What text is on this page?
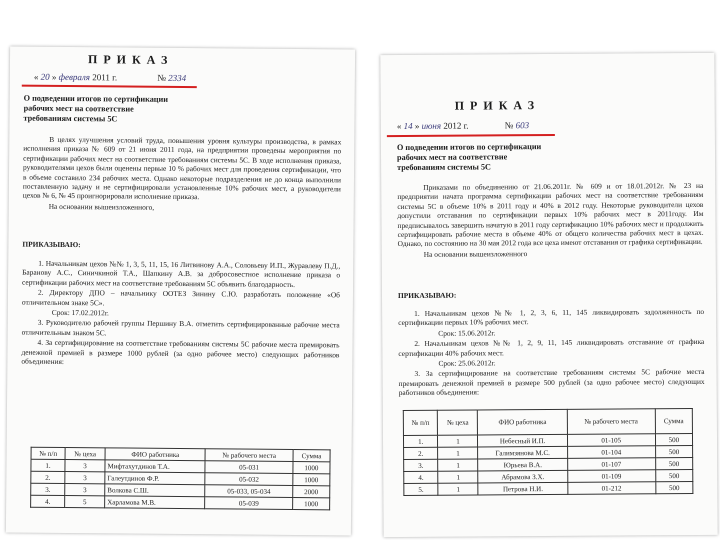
ПРИКАЗ
« 20 » февраля 2011 г.	№ 2334
О подведении итогов по сертификации рабочих мест на соответствие требованиям системы 5С

В целях улучшения условий труда, повышения уровня культуры производства, в рамках исполнения приказа № 609 от 21 июня 2011 года, на предприятии проведены мероприятия по сертификации рабочих мест на соответствие требованиям системы 5С. В ходе исполнения приказа, руководителями цехов были оценены первые 10 % рабочих мест для проведения сертификации, что в объеме составило 234 рабочих места. Однако некоторые подразделения не до конца выполнили поставленную задачу и не сертифицировали установленные 10% рабочих мест, а руководители цехов № 6, № 45 проигнорировали исполнение приказа.

На основании вышеизложенного,

ПРИКАЗЫВАЮ:

1. Начальникам цехов №№ 1, 3, 5, 11, 15, 16 Литвинову А.А., Соловьеву И.П., Журавлеву П.Д., Баранову А.С., Синичкиной Т.А., Шапкину А.В. за добросовестное исполнение приказа о сертификации рабочих мест на соответствие требованиям 5С объявить благодарность.

2. Директору ДПО – начальнику ООТЕЗ Зинину С.Ю. разработать положение «Об отличительном знаке 5С».

Срок: 17.02.2012г.

3. Руководителю рабочей группы Першину В.А. отметить сертифицированные рабочие места отличительным знаком 5С.

4. За сертифицирование на соответствие требованиям системы 5С рабочие места премировать денежной премией в размере 1000 рублей (за одно рабочее место) следующих работников объединения:

№ п/п	№ цеха	ФИО работника	№ рабочего места	Сумма
1.	3	Мифтахутдинов Т.А.	05-031	1000
2.	3	Галеутдинов Ф.Р.	05-032	1000
3.	3	Волкова С.Ш.	05-033, 05-034	2000
4.	5	Харламова М.В.	05-039	1000
ПРИКАЗ
« 14 » июня 2012 г.	№ 603
О подведении итогов по сертификации рабочих мест на соответствие требованиям системы 5С

Приказами по объединению от 21.06.2011г. № 609 и от 18.01.2012г. № 23 на предприятии начата программа сертификации рабочих мест на соответствие требованиям системы 5С в объеме 10% в 2011 году и 40% в 2012 году. Некоторые руководители цехов допустили отставания по сертификации первых 10% рабочих мест в 2011году. Им предписывалось завершить начатую в 2011 году сертификацию 10% рабочих мест и продолжить сертифицировать рабочие места в объеме 40% от общего количества рабочих мест в цехах. Однако, по состоянию на 30 мая 2012 года все цеха имеют отставания от графика сертификации.

На основании вышеизложенного

ПРИКАЗЫВАЮ:

1. Начальникам цехов №№ 1, 2, 3, 6, 11, 145 ликвидировать задолженность по сертификации первых 10% рабочих мест.

Срок: 15.06.2012г.

2. Начальникам цехов №№ 1, 2, 9, 11, 145 ликвидировать отставание от графика сертификации 40% рабочих мест.

Срок: 25.06.2012г.

3. За сертифицирование на соответствие требованиям системы 5С рабочие места премировать денежной премией в размере 500 рублей (за одно рабочее место) следующих работников объединения:

№ п/п	№ цеха	ФИО работника	№ рабочего места	Сумма
1.	1	Небесный И.П.	01-105	500
2.	1	Галимзянова М.С.	01-104	500
3.	1	Юрьева В.А.	01-107	500
4.	1	Абрамова З.Х.	01-109	500
5.	1	Петрова Н.И.	01-212	500
